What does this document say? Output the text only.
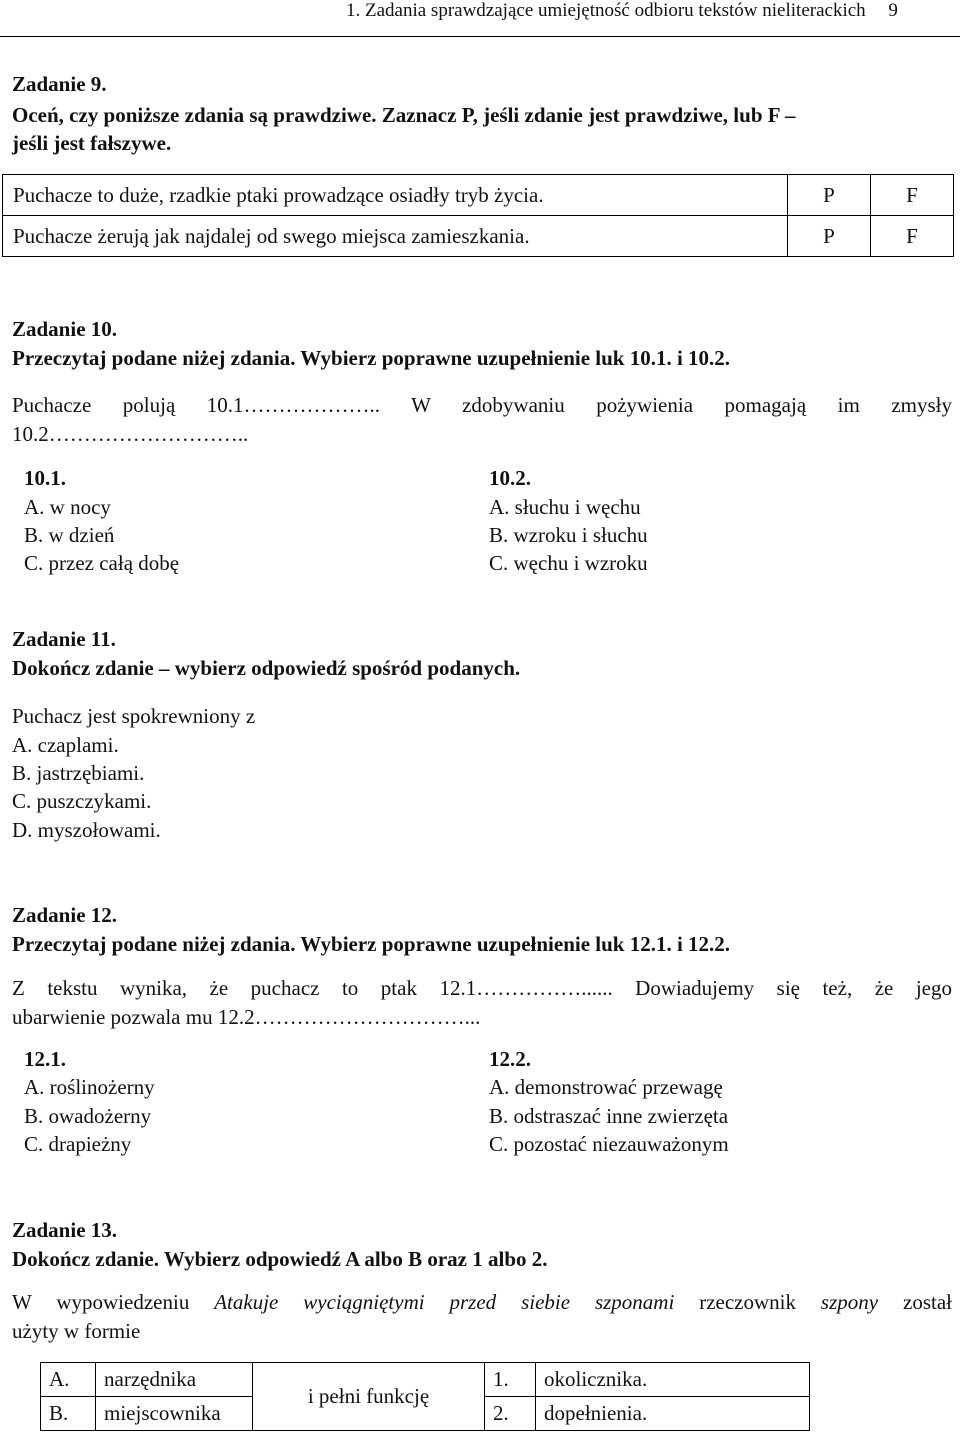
1. Zadania sprawdzające umiejętność odbioru tekstów nieliterackich 9
Zadanie 9.
Oceń, czy poniższe zdania są prawdziwe. Zaznacz P, jeśli zdanie jest prawdziwe, lub F –
jeśli jest fałszywe.
Puchacze to duże, rzadkie ptaki prowadzące osiadły tryb życia.	P	F
Puchacze żerują jak najdalej od swego miejsca zamieszkania.	P	F
Zadanie 10.
Przeczytaj podane niżej zdania. Wybierz poprawne uzupełnienie luk 10.1. i 10.2.
Puchacze polują 10.1……………….. W zdobywaniu pożywienia pomagają im zmysły
10.2………………………..
10.1.
A. w nocy
B. w dzień
C. przez całą dobę
10.2.
A. słuchu i węchu
B. wzroku i słuchu
C. węchu i wzroku
Zadanie 11.
Dokończ zdanie – wybierz odpowiedź spośród podanych.
Puchacz jest spokrewniony z
A. czaplami.
B. jastrzębiami.
C. puszczykami.
D. myszołowami.
Zadanie 12.
Przeczytaj podane niżej zdania. Wybierz poprawne uzupełnienie luk 12.1. i 12.2.
Z tekstu wynika, że puchacz to ptak 12.1……………...... Dowiadujemy się też, że jego
ubarwienie pozwala mu 12.2…………………………...
12.1.
A. roślinożerny
B. owadożerny
C. drapieżny
12.2.
A. demonstrować przewagę
B. odstraszać inne zwierzęta
C. pozostać niezauważonym
Zadanie 13.
Dokończ zdanie. Wybierz odpowiedź A albo B oraz 1 albo 2.
W wypowiedzeniu Atakuje wyciągniętymi przed siebie szponami rzeczownik szpony został
użyty w formie
A.	narzędnika	i pełni funkcję	1.	okolicznika.
B.	miejscownika		2.	dopełnienia.
